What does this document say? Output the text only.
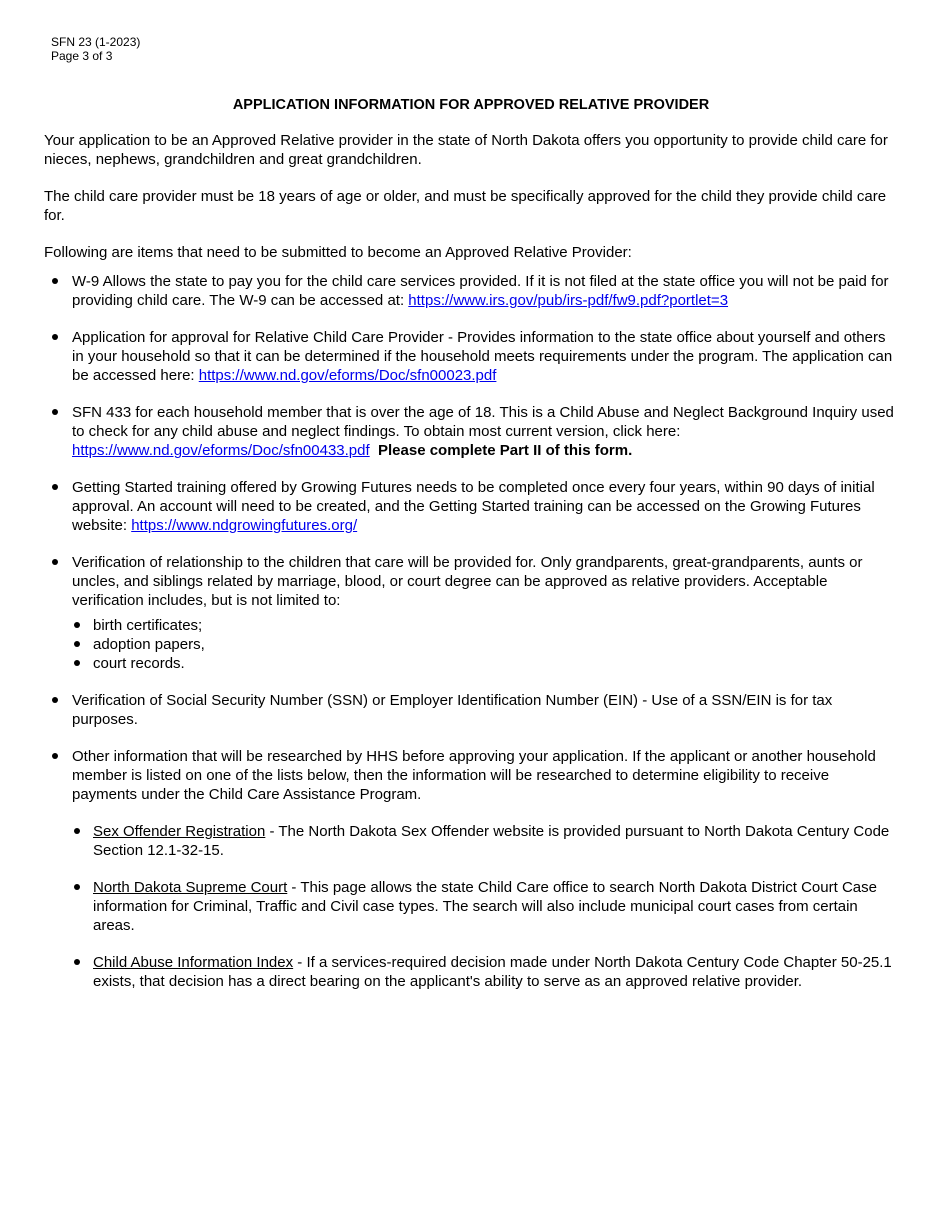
SFN 23 (1-2023)
Page 3 of 3
APPLICATION INFORMATION FOR APPROVED RELATIVE PROVIDER

Your application to be an Approved Relative provider in the state of North Dakota offers you opportunity to provide child care for nieces, nephews, grandchildren and great grandchildren.

The child care provider must be 18 years of age or older, and must be specifically approved for the child they provide child care for.

Following are items that need to be submitted to become an Approved Relative Provider:

W-9 Allows the state to pay you for the child care services provided. If it is not filed at the state office you will not be paid for providing child care. The W-9 can be accessed at: https://www.irs.gov/pub/irs-pdf/fw9.pdf?portlet=3
Application for approval for Relative Child Care Provider - Provides information to the state office about yourself and others in your household so that it can be determined if the household meets requirements under the program. The application can be accessed here: https://www.nd.gov/eforms/Doc/sfn00023.pdf
SFN 433 for each household member that is over the age of 18. This is a Child Abuse and Neglect Background Inquiry used to check for any child abuse and neglect findings. To obtain most current version, click here: https://www.nd.gov/eforms/Doc/sfn00433.pdf Please complete Part II of this form.
Getting Started training offered by Growing Futures needs to be completed once every four years, within 90 days of initial approval. An account will need to be created, and the Getting Started training can be accessed on the Growing Futures website: https://www.ndgrowingfutures.org/
Verification of relationship to the children that care will be provided for. Only grandparents, great-grandparents, aunts or uncles, and siblings related by marriage, blood, or court degree can be approved as relative providers. Acceptable verification includes, but is not limited to:
birth certificates;
adoption papers,
court records.
Verification of Social Security Number (SSN) or Employer Identification Number (EIN) - Use of a SSN/EIN is for tax purposes.
Other information that will be researched by HHS before approving your application. If the applicant or another household member is listed on one of the lists below, then the information will be researched to determine eligibility to receive payments under the Child Care Assistance Program.
Sex Offender Registration - The North Dakota Sex Offender website is provided pursuant to North Dakota Century Code Section 12.1-32-15.
North Dakota Supreme Court - This page allows the state Child Care office to search North Dakota District Court Case information for Criminal, Traffic and Civil case types. The search will also include municipal court cases from certain areas.
Child Abuse Information Index - If a services-required decision made under North Dakota Century Code Chapter 50-25.1 exists, that decision has a direct bearing on the applicant's ability to serve as an approved relative provider.
